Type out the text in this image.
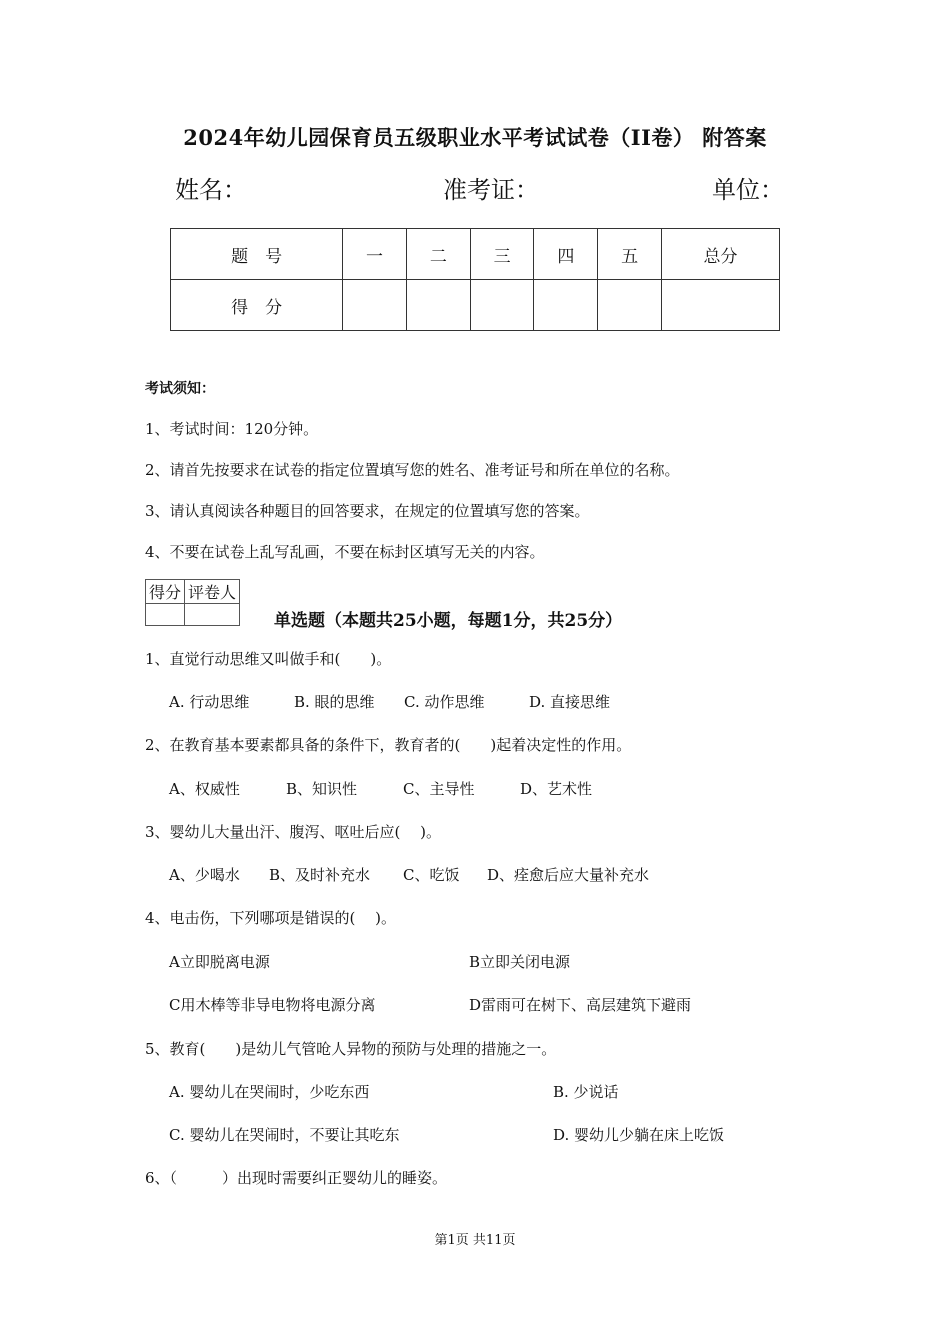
2024年幼儿园保育员五级职业水平考试试卷（II卷） 附答案
姓名：	准考证：	单位：
题　号	一	二	三	四	五	总分
得　分						
考试须知：
1、考试时间：120分钟。
2、请首先按要求在试卷的指定位置填写您的姓名、准考证号和所在单位的名称。
3、请认真阅读各种题目的回答要求，在规定的位置填写您的答案。
4、不要在试卷上乱写乱画，不要在标封区填写无关的内容。
得分	评卷人

单选题（本题共25小题，每题1分，共25分）
1、直觉行动思维又叫做手和(　　)。
A. 行动思维	B. 眼的思维 C. 动作思维	D. 直接思维
2、在教育基本要素都具备的条件下，教育者的(　　)起着决定性的作用。
A、权威性	B、知识性	C、主导性	D、艺术性
3、婴幼儿大量出汗、腹泻、呕吐后应(　 )。
A、少喝水 B、及时补充水 C、吃饭 D、痊愈后应大量补充水
4、电击伤，下列哪项是错误的(　 )。
A立即脱离电源	B立即关闭电源
C用木棒等非导电物将电源分离	D雷雨可在树下、高层建筑下避雨
5、教育(　　)是幼儿气管呛人异物的预防与处理的措施之一。
A. 婴幼儿在哭闹时，少吃东西	B. 少说话
C. 婴幼儿在哭闹时，不要让其吃东	D. 婴幼儿少躺在床上吃饭
6、（　　　）出现时需要纠正婴幼儿的睡姿。
第1页 共11页
